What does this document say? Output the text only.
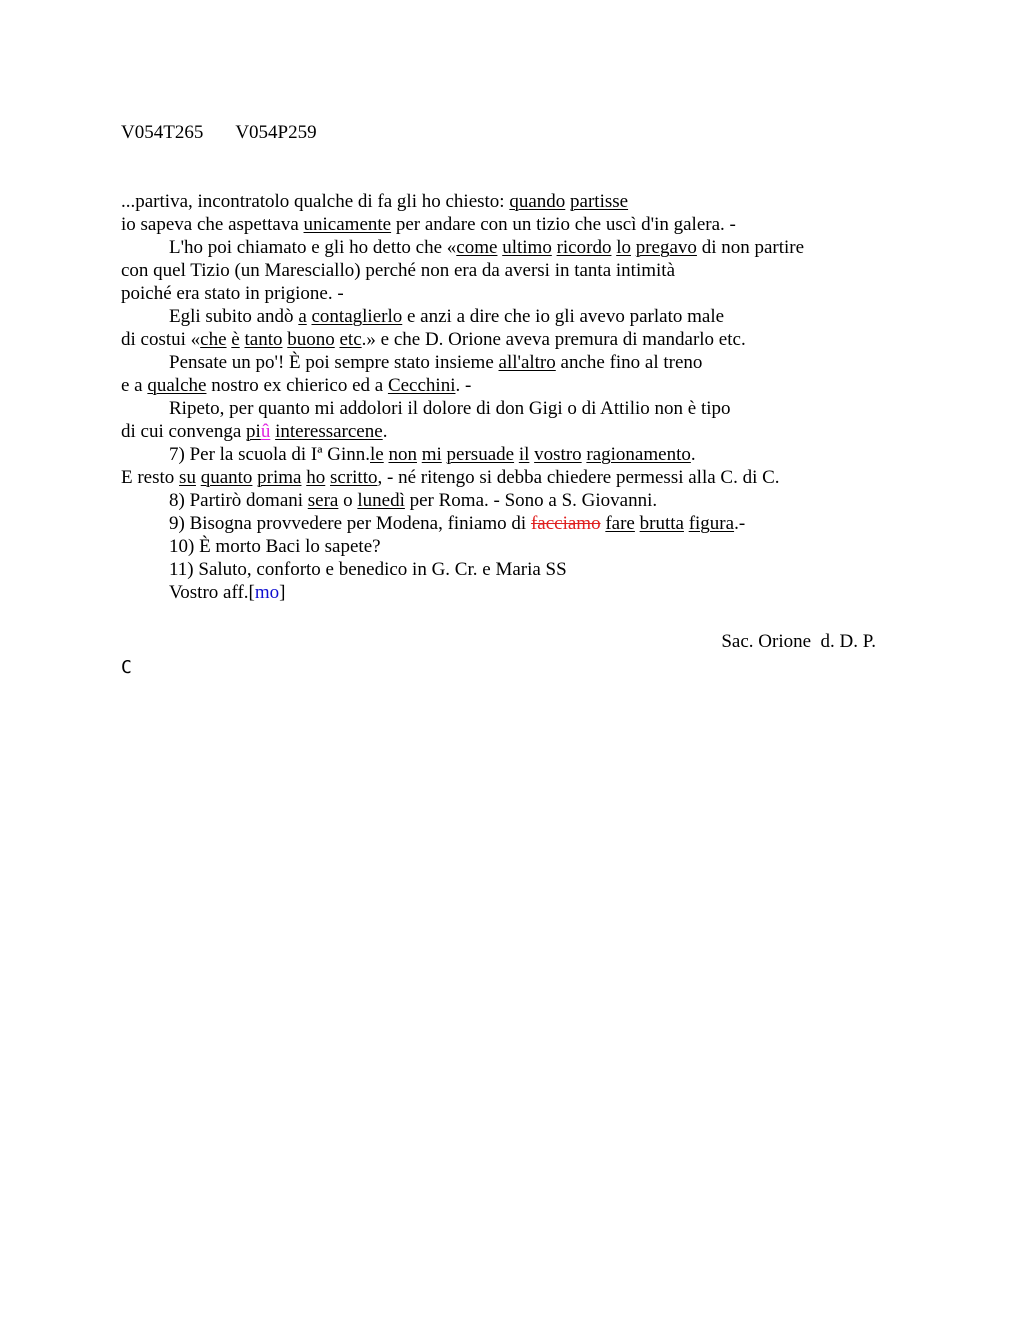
V054T265 V054P259
...partiva, incontratolo qualche di fa gli ho chiesto: quando partisse
io sapeva che aspettava unicamente per andare con un tizio che uscì d'in galera. -
L'ho poi chiamato e gli ho detto che «come ultimo ricordo lo pregavo di non partire
con quel Tizio (un Maresciallo) perché non era da aversi in tanta intimità
poiché era stato in prigione. -
Egli subito andò a contaglierlo e anzi a dire che io gli avevo parlato male
di costui «che è tanto buono etc.» e che D. Orione aveva premura di mandarlo etc.
Pensate un po'! È poi sempre stato insieme all'altro anche fino al treno
e a qualche nostro ex chierico ed a Cecchini. -
Ripeto, per quanto mi addolori il dolore di don Gigi o di Attilio non è tipo
di cui convenga piû interessarcene.
7) Per la scuola di Iª Ginn.le non mi persuade il vostro ragionamento.
E resto su quanto prima ho scritto, - né ritengo si debba chiedere permessi alla C. di C.
8) Partirò domani sera o lunedì per Roma. - Sono a S. Giovanni.
9) Bisogna provvedere per Modena, finiamo di facciamo fare brutta figura.-
10) È morto Baci lo sapete?
11) Saluto, conforto e benedico in G. Cr. e Maria SS
Vostro aff.[mo]
Sac. Orione  d. D. P.
C
